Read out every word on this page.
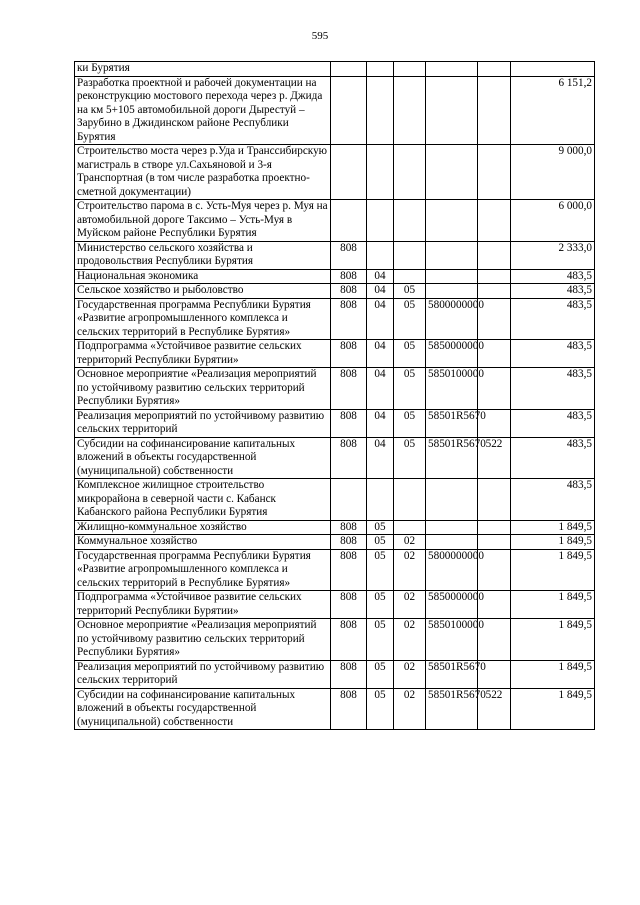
595
ки Бурятия						
Разработка проектной и рабочей документации на реконструкцию мостового перехода через р. Джида на км 5+105 автомобильной дороги Дырестуй – Зарубино в Джидинском районе Республики Бурятия						6 151,2
Строительство моста через р.Уда и Транссибирскую магистраль в створе ул.Сахьяновой и 3-я Транспортная (в том числе разработка проектно-сметной документации)						9 000,0
Строительство парома в с. Усть-Муя через р. Муя на автомобильной дороге Таксимо – Усть-Муя в Муйском районе Республики Бурятия						6 000,0
Министерство сельского хозяйства и продовольствия Республики Бурятия	808					2 333,0
Национальная экономика	808	04				483,5
Сельское хозяйство и рыболовство	808	04	05			483,5
Государственная программа Республики Бурятия «Развитие агропромышленного комплекса и сельских территорий в Республике Бурятия»	808	04	05	5800000000		483,5
Подпрограмма «Устойчивое развитие сельских территорий Республики Бурятии»	808	04	05	5850000000		483,5
Основное мероприятие «Реализация мероприятий по устойчивому развитию сельских территорий Республики Бурятия»	808	04	05	5850100000		483,5
Реализация мероприятий по устойчивому развитию сельских территорий	808	04	05	58501R5670		483,5
Субсидии на софинансирование капитальных вложений в объекты государственной (муниципальной) собственности	808	04	05	58501R5670	522	483,5
Комплексное жилищное строительство микрорайона в северной части с. Кабанск Кабанского района Республики Бурятия						483,5
Жилищно-коммунальное хозяйство	808	05				1 849,5
Коммунальное хозяйство	808	05	02			1 849,5
Государственная программа Республики Бурятия «Развитие агропромышленного комплекса и сельских территорий в Республике Бурятия»	808	05	02	5800000000		1 849,5
Подпрограмма «Устойчивое развитие сельских территорий Республики Бурятии»	808	05	02	5850000000		1 849,5
Основное мероприятие «Реализация мероприятий по устойчивому развитию сельских территорий Республики Бурятия»	808	05	02	5850100000		1 849,5
Реализация мероприятий по устойчивому развитию сельских территорий	808	05	02	58501R5670		1 849,5
Субсидии на софинансирование капитальных вложений в объекты государственной (муниципальной) собственности	808	05	02	58501R5670	522	1 849,5
